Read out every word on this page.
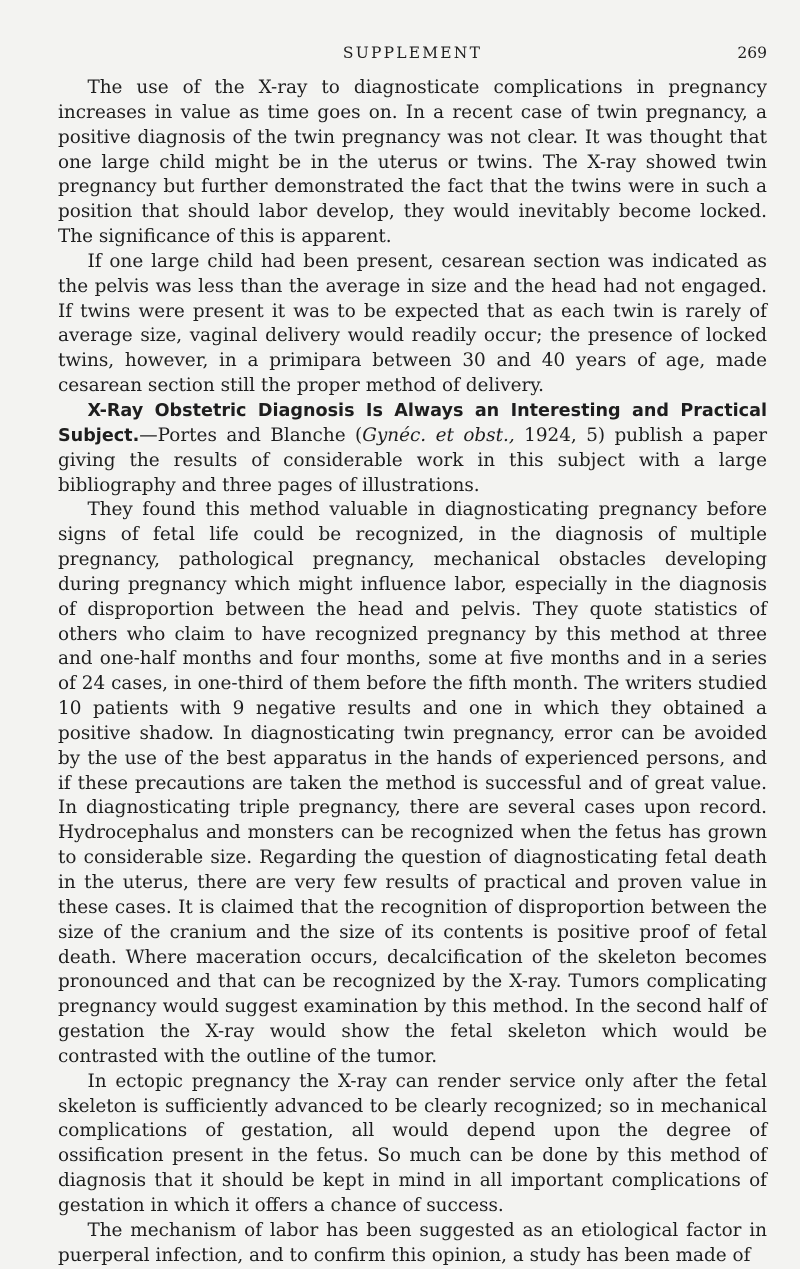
SUPPLEMENT	269

The use of the X-ray to diagnosticate complications in pregnancy increases in value as time goes on. In a recent case of twin pregnancy, a positive diagnosis of the twin pregnancy was not clear. It was thought that one large child might be in the uterus or twins. The X-ray showed twin pregnancy but further demonstrated the fact that the twins were in such a position that should labor develop, they would inevitably become locked. The significance of this is apparent.

If one large child had been present, cesarean section was indicated as the pelvis was less than the average in size and the head had not engaged. If twins were present it was to be expected that as each twin is rarely of average size, vaginal delivery would readily occur; the presence of locked twins, however, in a primipara between 30 and 40 years of age, made cesarean section still the proper method of delivery.

X-Ray Obstetric Diagnosis Is Always an Interesting and Practical Subject.—Portes and Blanche (Gynéc. et obst., 1924, 5) publish a paper giving the results of considerable work in this subject with a large bibliography and three pages of illustrations.

They found this method valuable in diagnosticating pregnancy before signs of fetal life could be recognized, in the diagnosis of multiple pregnancy, pathological pregnancy, mechanical obstacles developing during pregnancy which might influence labor, especially in the diagnosis of disproportion between the head and pelvis. They quote statistics of others who claim to have recognized pregnancy by this method at three and one-half months and four months, some at five months and in a series of 24 cases, in one-third of them before the fifth month. The writers studied 10 patients with 9 negative results and one in which they obtained a positive shadow. In diagnosticating twin pregnancy, error can be avoided by the use of the best apparatus in the hands of experienced persons, and if these precautions are taken the method is successful and of great value. In diagnosticating triple pregnancy, there are several cases upon record. Hydrocephalus and monsters can be recognized when the fetus has grown to considerable size. Regarding the question of diagnosticating fetal death in the uterus, there are very few results of practical and proven value in these cases. It is claimed that the recognition of disproportion between the size of the cranium and the size of its contents is positive proof of fetal death. Where maceration occurs, decalcification of the skeleton becomes pronounced and that can be recognized by the X-ray. Tumors complicating pregnancy would suggest examination by this method. In the second half of gestation the X-ray would show the fetal skeleton which would be contrasted with the outline of the tumor.

In ectopic pregnancy the X-ray can render service only after the fetal skeleton is sufficiently advanced to be clearly recognized; so in mechanical complications of gestation, all would depend upon the degree of ossification present in the fetus. So much can be done by this method of diagnosis that it should be kept in mind in all important complications of gestation in which it offers a chance of success.

The mechanism of labor has been suggested as an etiological factor in puerperal infection, and to confirm this opinion, a study has been made of
